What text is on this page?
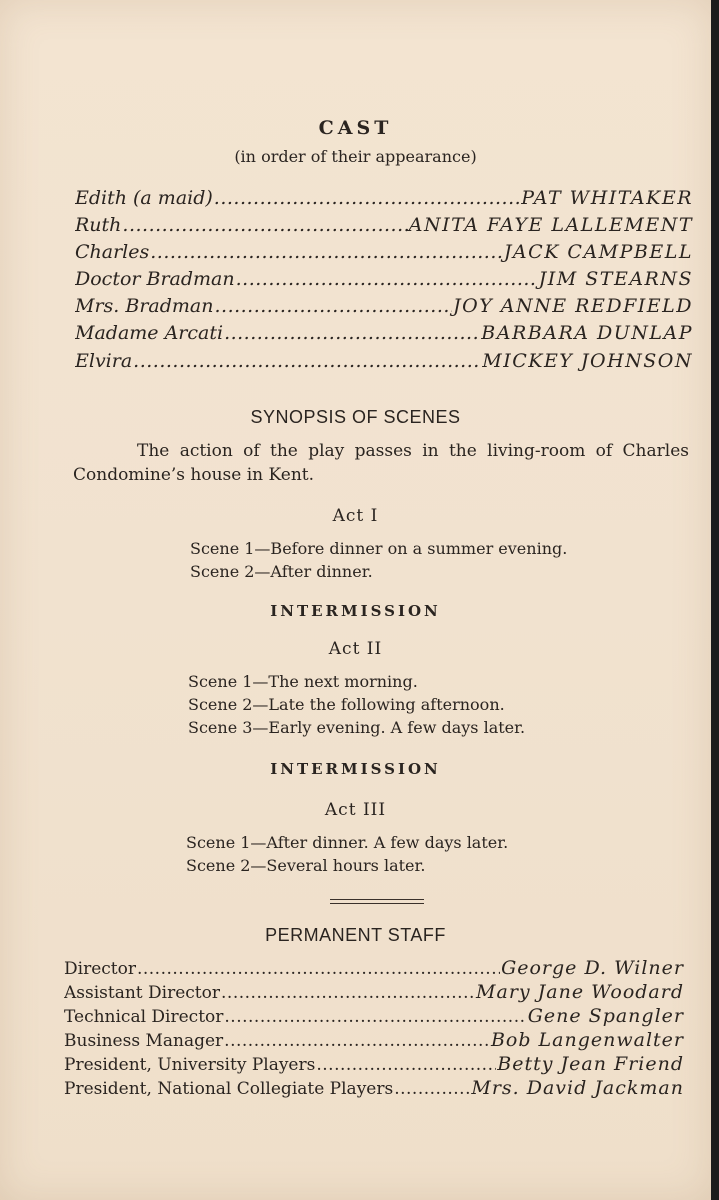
CAST
(in order of their appearance)
Edith (a maid) .....	PAT WHITAKER
Ruth .....	ANITA FAYE LALLEMENT
Charles .....	JACK CAMPBELL
Doctor Bradman .....	JIM STEARNS
Mrs. Bradman .....	JOY ANNE REDFIELD
Madame Arcati .....	BARBARA DUNLAP
Elvira .....	MICKEY JOHNSON
SYNOPSIS OF SCENES
The action of the play passes in the living-room of Charles Condomine’s house in Kent.
Act I
Scene 1—Before dinner on a summer evening.
Scene 2—After dinner.
INTERMISSION
Act II
Scene 1—The next morning.
Scene 2—Late the following afternoon.
Scene 3—Early evening. A few days later.
INTERMISSION
Act III
Scene 1—After dinner. A few days later.
Scene 2—Several hours later.
PERMANENT STAFF
Director .....	George D. Wilner
Assistant Director .....	Mary Jane Woodard
Technical Director .....	Gene Spangler
Business Manager .....	Bob Langenwalter
President, University Players .....	Betty Jean Friend
President, National Collegiate Players .....	Mrs. David Jackman
